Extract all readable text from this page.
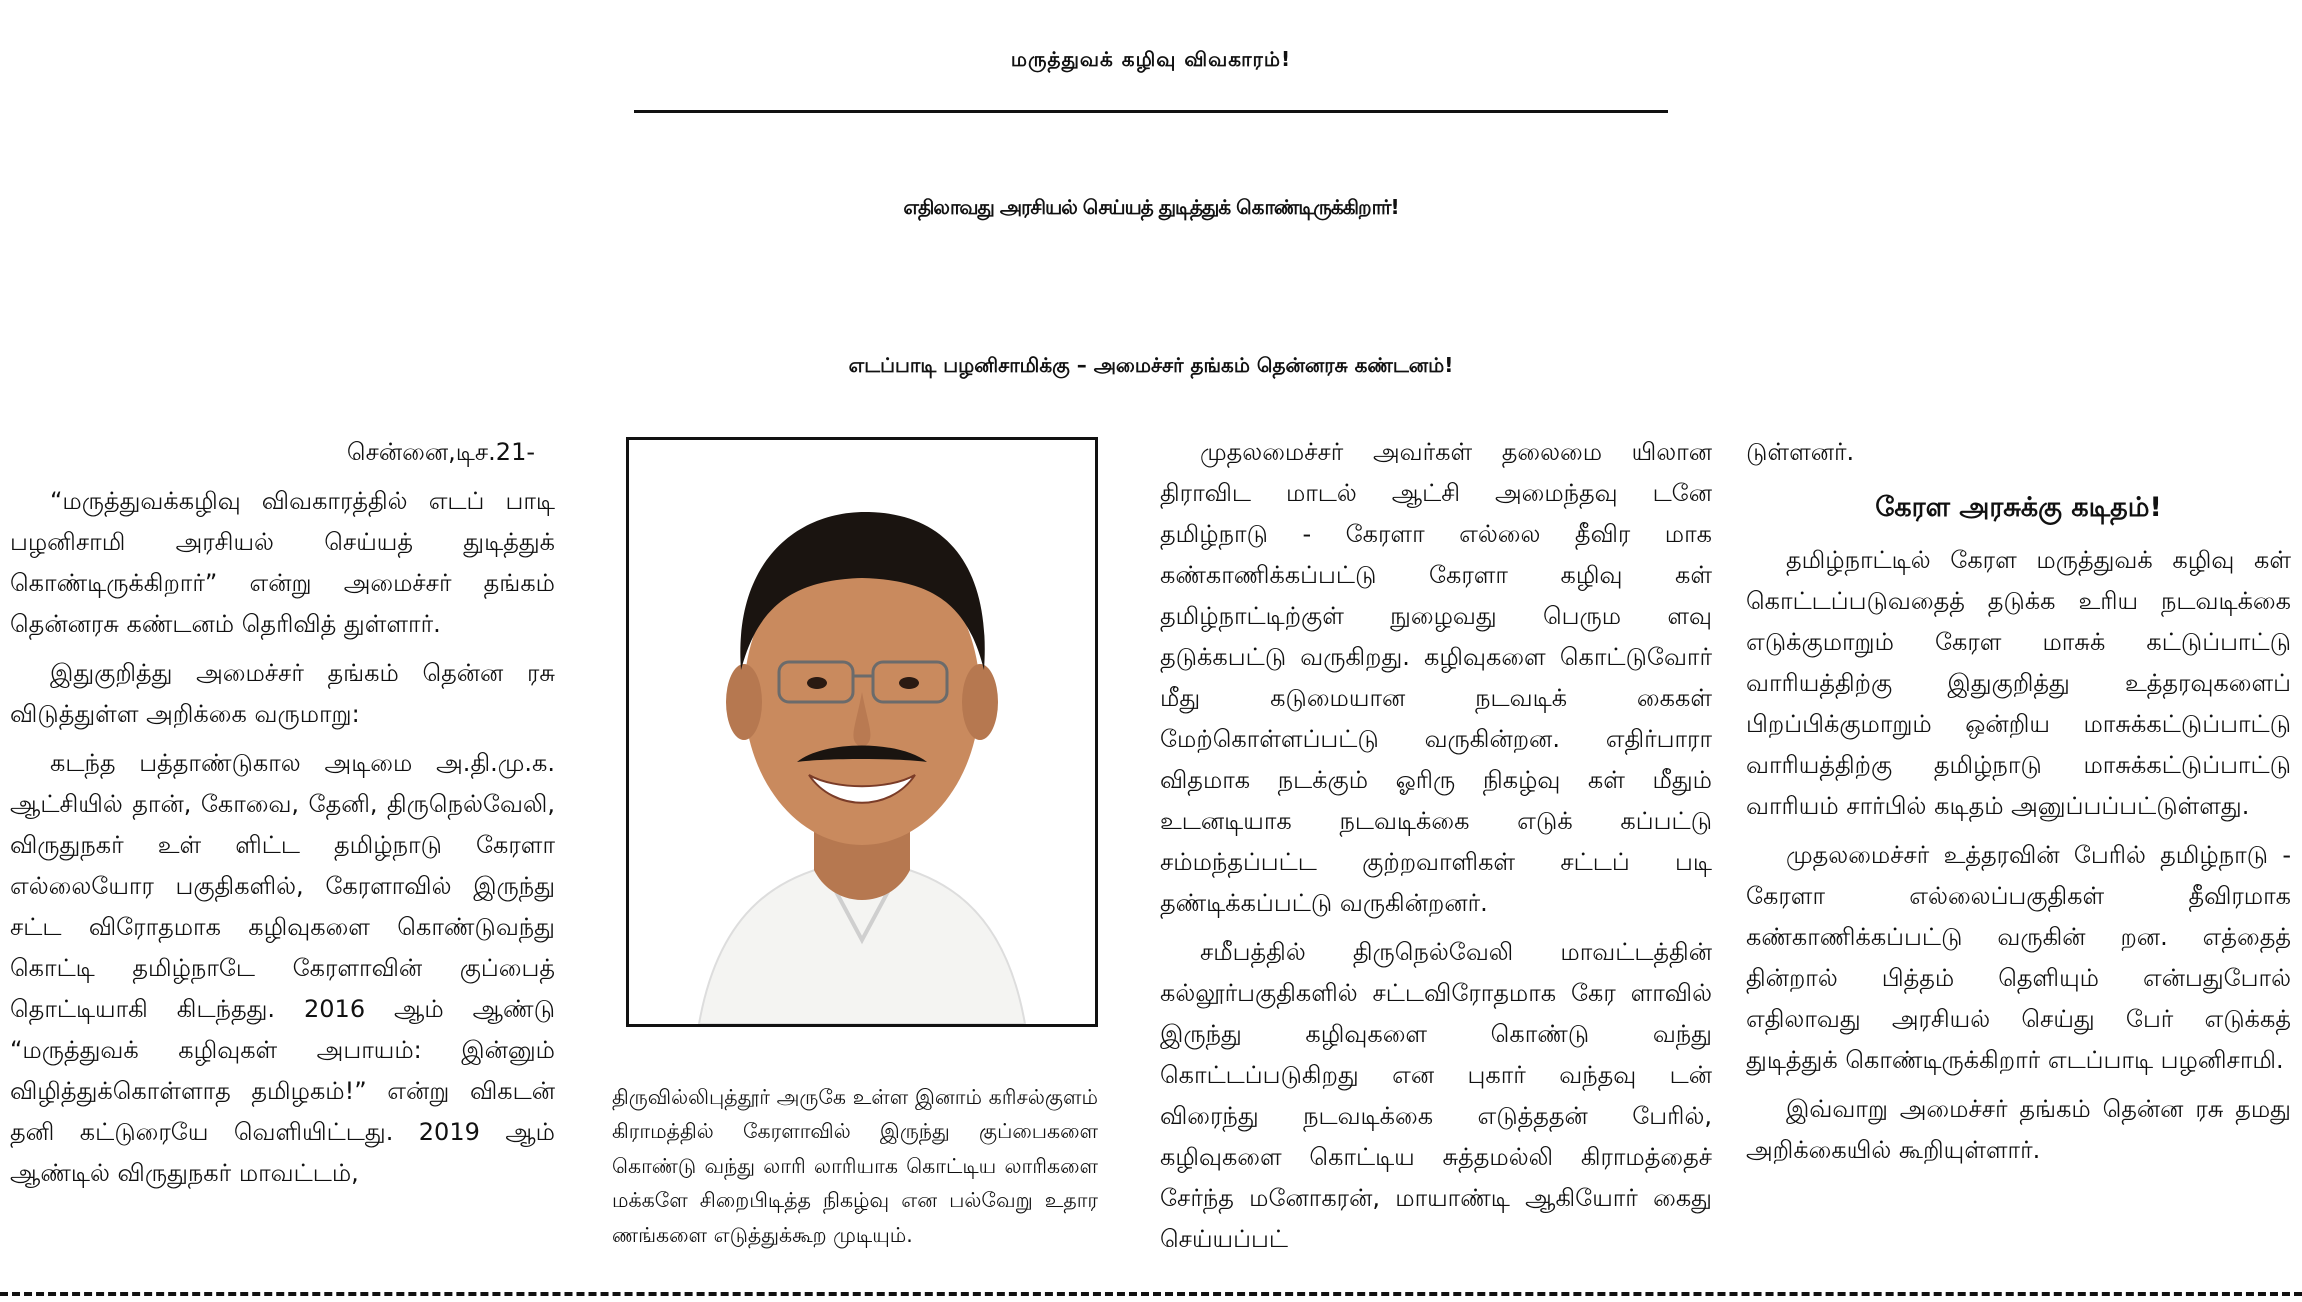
மருத்துவக் கழிவு விவகாரம்!
எதிலாவது அரசியல் செய்யத் துடித்துக் கொண்டிருக்கிறார்!
எடப்பாடி பழனிசாமிக்கு – அமைச்சர் தங்கம் தென்னரசு கண்டனம்!

சென்னை,டிச.21-

“மருத்துவக்கழிவு விவகாரத்தில் எடப் பாடி பழனிசாமி அரசியல் செய்யத் துடித்துக் கொண்டிருக்கிறார்” என்று அமைச்சர் தங்கம் தென்னரசு கண்டனம் தெரிவித் துள்ளார்.

இதுகுறித்து அமைச்சர் தங்கம் தென்ன ரசு விடுத்துள்ள அறிக்கை வருமாறு:

கடந்த பத்தாண்டுகால அடிமை அ.தி.மு.க. ஆட்சியில் தான், கோவை, தேனி, திருநெல்வேலி, விருதுநகர் உள் ளிட்ட தமிழ்நாடு கேரளா எல்லையோர பகுதிகளில், கேரளாவில் இருந்து சட்ட விரோதமாக கழிவுகளை கொண்டுவந்து கொட்டி தமிழ்நாடே கேரளாவின் குப்பைத் தொட்டியாகி கிடந்தது. 2016 ஆம் ஆண்டு “மருத்துவக் கழிவுகள் அபாயம்: இன்னும் விழித்துக்கொள்ளாத தமிழகம்!” என்று விகடன் தனி கட்டுரையே வெளியிட்டது. 2019 ஆம் ஆண்டில் விருதுநகர் மாவட்டம்,

திருவில்லிபுத்தூர் அருகே உள்ள இனாம் கரிசல்குளம் கிராமத்தில் கேரளாவில் இருந்து குப்பைகளை கொண்டு வந்து லாரி லாரியாக கொட்டிய லாரிகளை மக்களே சிறைபிடித்த நிகழ்வு என பல்வேறு உதார ணங்களை எடுத்துக்கூற முடியும்.

முதலமைச்சர் அவர்கள் தலைமை யிலான திராவிட மாடல் ஆட்சி அமைந்தவு டனே தமிழ்நாடு - கேரளா எல்லை தீவிர மாக கண்காணிக்கப்பட்டு கேரளா கழிவு கள் தமிழ்நாட்டிற்குள் நுழைவது பெரும ளவு தடுக்கபட்டு வருகிறது. கழிவுகளை கொட்டுவோர் மீது கடுமையான நடவடிக் கைகள் மேற்கொள்ளப்பட்டு வருகின்றன. எதிர்பாரா விதமாக நடக்கும் ஓரிரு நிகழ்வு கள் மீதும் உடனடியாக நடவடிக்கை எடுக் கப்பட்டு சம்மந்தப்பட்ட குற்றவாளிகள் சட்டப் படி தண்டிக்கப்பட்டு வருகின்றனர்.

சமீபத்தில் திருநெல்வேலி மாவட்டத்தின் கல்லூர்பகுதிகளில் சட்டவிரோதமாக கேர ளாவில் இருந்து கழிவுகளை கொண்டு வந்து கொட்டப்படுகிறது என புகார் வந்தவு டன் விரைந்து நடவடிக்கை எடுத்ததன் பேரில், கழிவுகளை கொட்டிய சுத்தமல்லி கிராமத்தைச் சேர்ந்த மனோகரன், மாயாண்டி ஆகியோர் கைது செய்யப்பட்

டுள்ளனர்.

கேரள அரசுக்கு கடிதம்!

தமிழ்நாட்டில் கேரள மருத்துவக் கழிவு கள் கொட்டப்படுவதைத் தடுக்க உரிய நடவடிக்கை எடுக்குமாறும் கேரள மாசுக் கட்டுப்பாட்டு வாரியத்திற்கு இதுகுறித்து உத்தரவுகளைப் பிறப்பிக்குமாறும் ஒன்றிய மாசுக்கட்டுப்பாட்டு வாரியத்திற்கு தமிழ்நாடு மாசுக்கட்டுப்பாட்டு வாரியம் சார்பில் கடிதம் அனுப்பப்பட்டுள்ளது.

முதலமைச்சர் உத்தரவின் பேரில் தமிழ்நாடு - கேரளா எல்லைப்பகுதிகள் தீவிரமாக கண்காணிக்கப்பட்டு வருகின் றன. எத்தைத் தின்றால் பித்தம் தெளியும் என்பதுபோல் எதிலாவது அரசியல் செய்து பேர் எடுக்கத் துடித்துக் கொண்டிருக்கிறார் எடப்பாடி பழனிசாமி.

இவ்வாறு அமைச்சர் தங்கம் தென்ன ரசு தமது அறிக்கையில் கூறியுள்ளார்.
